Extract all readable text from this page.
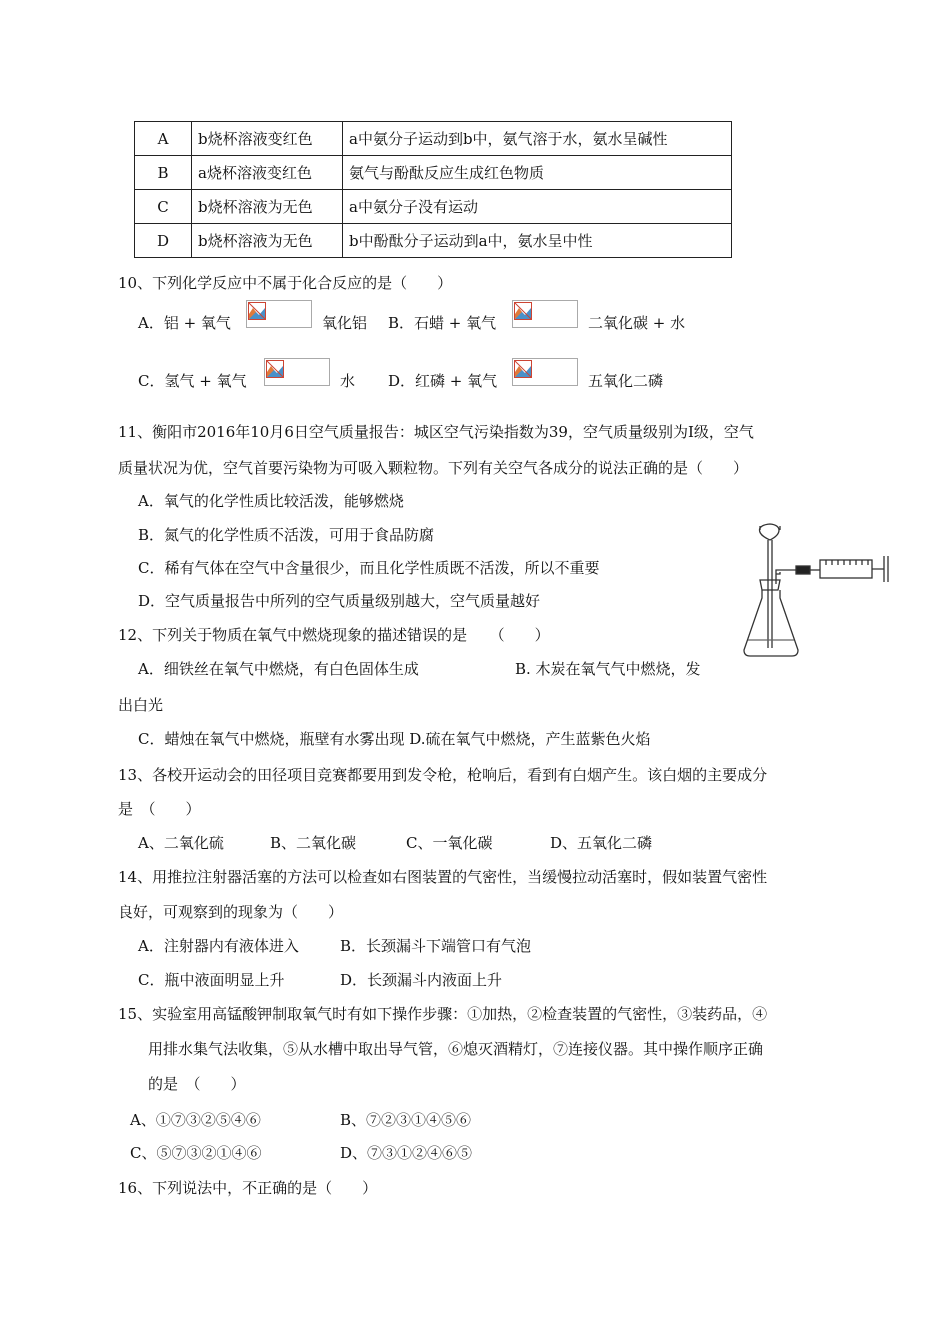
A	b烧杯溶液变红色	a中氨分子运动到b中，氨气溶于水，氨水呈碱性
B	a烧杯溶液变红色	氨气与酚酞反应生成红色物质
C	b烧杯溶液为无色	a中氨分子没有运动
D	b烧杯溶液为无色	b中酚酞分子运动到a中，氨水呈中性
10、下列化学反应中不属于化合反应的是（　　）
A．铝 + 氧气	氧化铝 B．石蜡 + 氧气	二氧化碳 + 水
C．氢气 + 氧气	水 D．红磷 + 氧气	五氧化二磷
11、衡阳市2016年10月6日空气质量报告：城区空气污染指数为39，空气质量级别为Ⅰ级，空气
质量状况为优，空气首要污染物为可吸入颗粒物。下列有关空气各成分的说法正确的是（　　）
A．氧气的化学性质比较活泼，能够燃烧
B．氮气的化学性质不活泼，可用于食品防腐
C．稀有气体在空气中含量很少，而且化学性质既不活泼，所以不重要
D．空气质量报告中所列的空气质量级别越大，空气质量越好
12、下列关于物质在氧气中燃烧现象的描述错误的是　　（　　）
A．细铁丝在氧气中燃烧，有白色固体生成	B. 木炭在氧气气中燃烧，发
出白光
C．蜡烛在氧气中燃烧，瓶壁有水雾出现 D.硫在氧气中燃烧，产生蓝紫色火焰
13、各校开运动会的田径项目竞赛都要用到发令枪，枪响后，看到有白烟产生。该白烟的主要成分
是　（　　）
A、二氧化硫	B、二氧化碳	C、一氧化碳	D、五氧化二磷
14、用推拉注射器活塞的方法可以检查如右图装置的气密性，当缓慢拉动活塞时，假如装置气密性
良好，可观察到的现象为（　　）
A．注射器内有液体进入	B．长颈漏斗下端管口有气泡
C．瓶中液面明显上升	D．长颈漏斗内液面上升
15、实验室用高锰酸钾制取氧气时有如下操作步骤：①加热，②检查装置的气密性，③装药品，④
用排水集气法收集，⑤从水槽中取出导气管，⑥熄灭酒精灯，⑦连接仪器。其中操作顺序正确
的是　（　　）
A、①⑦③②⑤④⑥	B、⑦②③①④⑤⑥
C、⑤⑦③②①④⑥	D、⑦③①②④⑥⑤
16、下列说法中，不正确的是（　　）
